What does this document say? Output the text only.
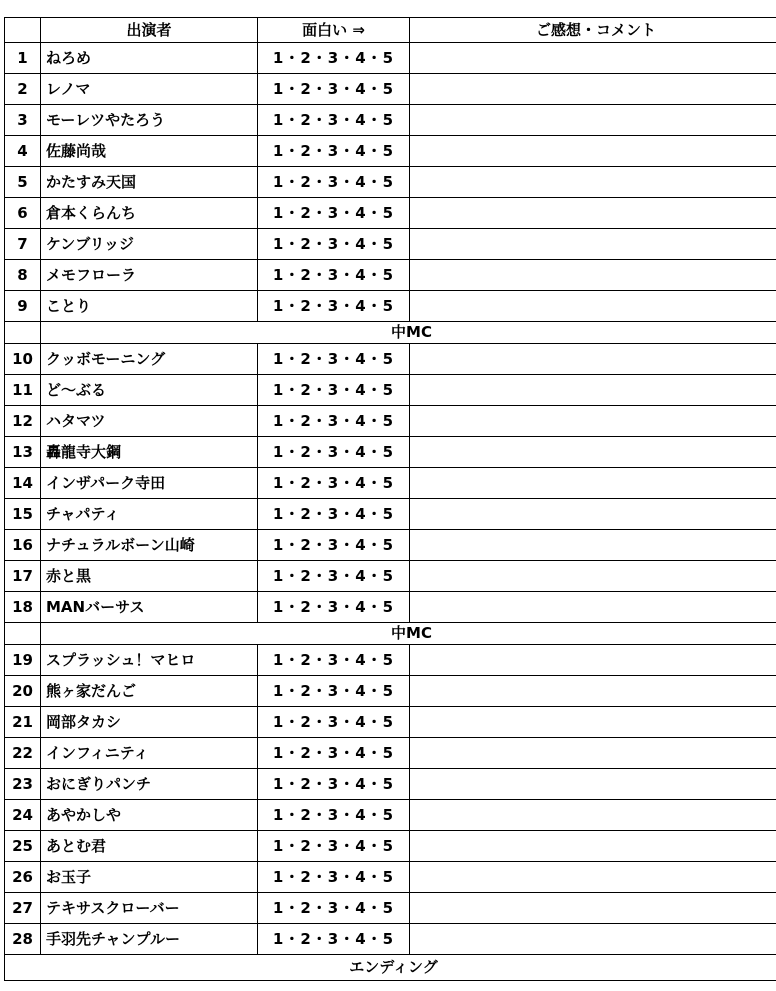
	出演者	面白い ⇒	ご感想・コメント
1	ねろめ	1・2・3・4・5	
2	レノマ	1・2・3・4・5	
3	モーレツやたろう	1・2・3・4・5	
4	佐藤尚哉	1・2・3・4・5	
5	かたすみ天国	1・2・3・4・5	
6	倉本くらんち	1・2・3・4・5	
7	ケンブリッジ	1・2・3・4・5	
8	メモフローラ	1・2・3・4・5	
9	ことり	1・2・3・4・5	
	中MC		
10	クッボモーニング	1・2・3・4・5	
11	ど〜ぶる	1・2・3・4・5	
12	ハタマツ	1・2・3・4・5	
13	轟龍寺大鋼	1・2・3・4・5	
14	インザパーク寺田	1・2・3・4・5	
15	チャパティ	1・2・3・4・5	
16	ナチュラルボーン山崎	1・2・3・4・5	
17	赤と黒	1・2・3・4・5	
18	MANバーサス	1・2・3・4・5	
	中MC		
19	スプラッシュ！マヒロ	1・2・3・4・5	
20	熊ヶ家だんご	1・2・3・4・5	
21	岡部タカシ	1・2・3・4・5	
22	インフィニティ	1・2・3・4・5	
23	おにぎりパンチ	1・2・3・4・5	
24	あやかしや	1・2・3・4・5	
25	あとむ君	1・2・3・4・5	
26	お玉子	1・2・3・4・5	
27	テキサスクローバー	1・2・3・4・5	
28	手羽先チャンプルー	1・2・3・4・5	
エンディング			
